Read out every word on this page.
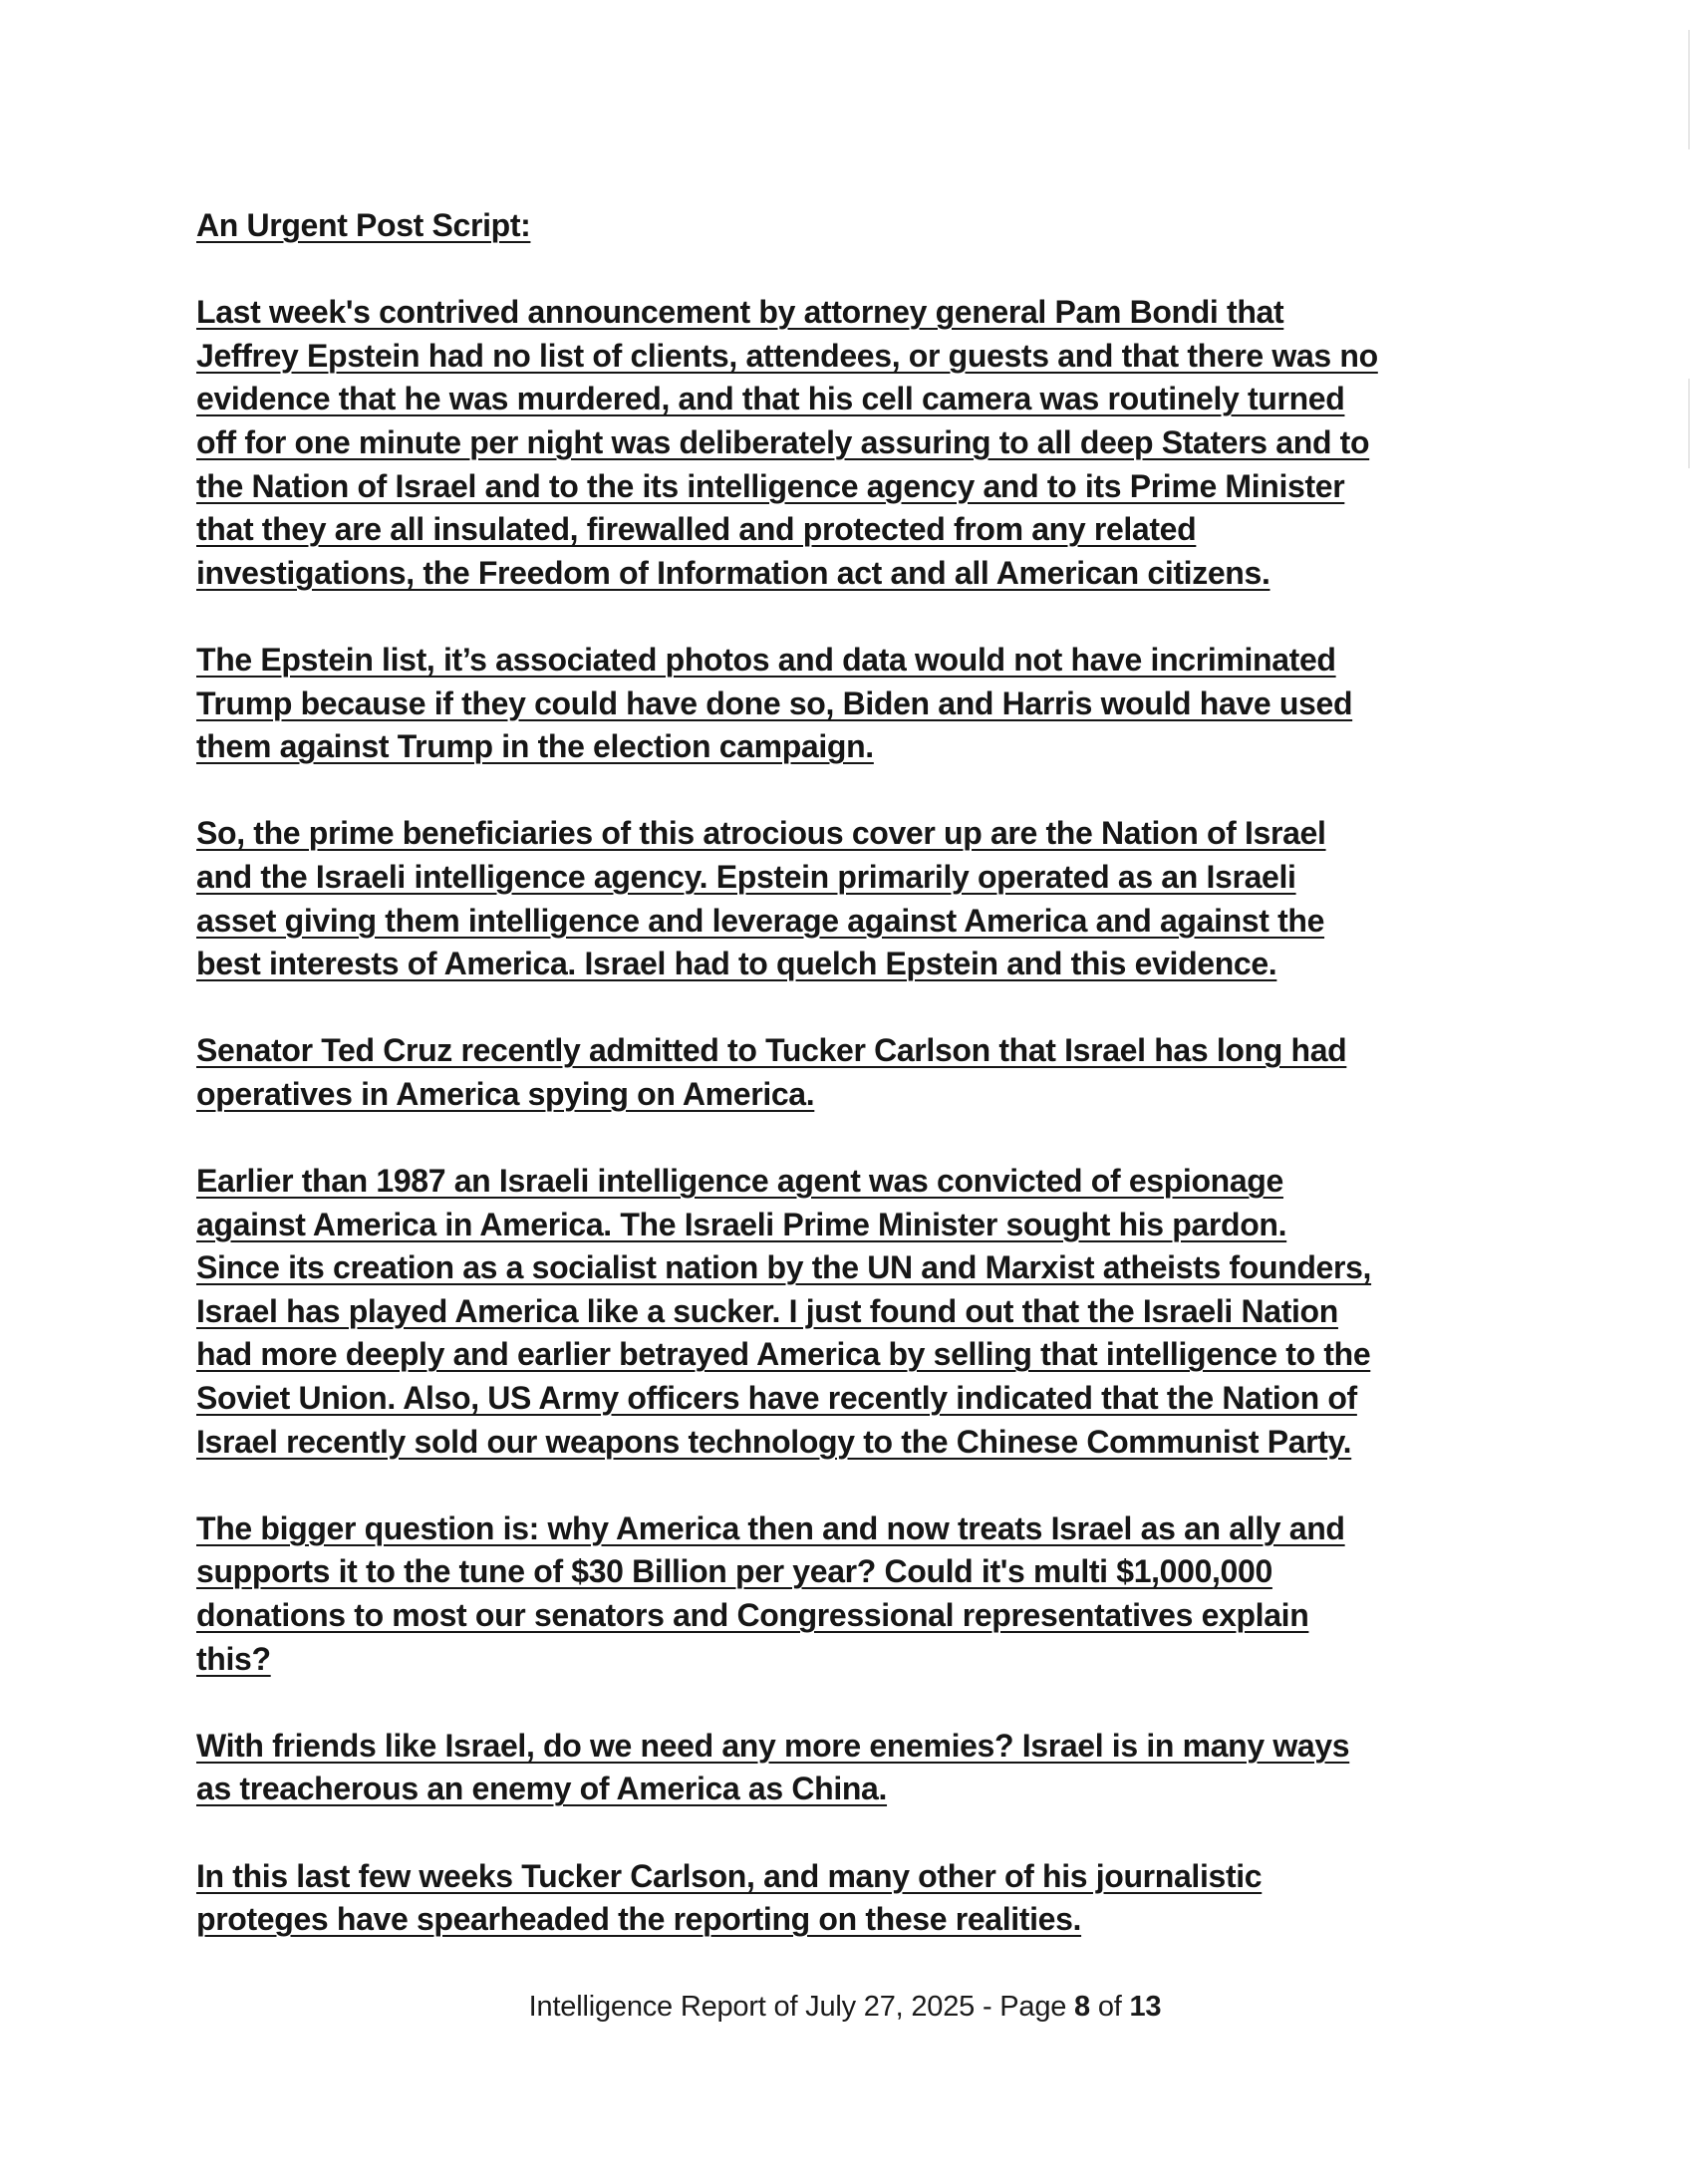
An Urgent Post Script:

Last week's contrived announcement by attorney general Pam Bondi that
Jeffrey Epstein had no list of clients, attendees, or guests and that there was no
evidence that he was murdered, and that his cell camera was routinely turned
off for one minute per night was deliberately assuring to all deep Staters and to
the Nation of Israel and to the its intelligence agency and to its Prime Minister
that they are all insulated, firewalled and protected from any related
investigations, the Freedom of Information act and all American citizens.

The Epstein list, it’s associated photos and data would not have incriminated
Trump because if they could have done so, Biden and Harris would have used
them against Trump in the election campaign.

So, the prime beneficiaries of this atrocious cover up are the Nation of Israel
and the Israeli intelligence agency. Epstein primarily operated as an Israeli
asset giving them intelligence and leverage against America and against the
best interests of America. Israel had to quelch Epstein and this evidence.

Senator Ted Cruz recently admitted to Tucker Carlson that Israel has long had
operatives in America spying on America.

Earlier than 1987 an Israeli intelligence agent was convicted of espionage
against America in America. The Israeli Prime Minister sought his pardon.
Since its creation as a socialist nation by the UN and Marxist atheists founders,
Israel has played America like a sucker. I just found out that the Israeli Nation
had more deeply and earlier betrayed America by selling that intelligence to the
Soviet Union. Also, US Army officers have recently indicated that the Nation of
Israel recently sold our weapons technology to the Chinese Communist Party.

The bigger question is: why America then and now treats Israel as an ally and
supports it to the tune of $30 Billion per year? Could it's multi $1,000,000
donations to most our senators and Congressional representatives explain
this?

With friends like Israel, do we need any more enemies? Israel is in many ways
as treacherous an enemy of America as China.

In this last few weeks Tucker Carlson, and many other of his journalistic
proteges have spearheaded the reporting on these realities.

Intelligence Report of July 27, 2025 - Page 8 of 13
